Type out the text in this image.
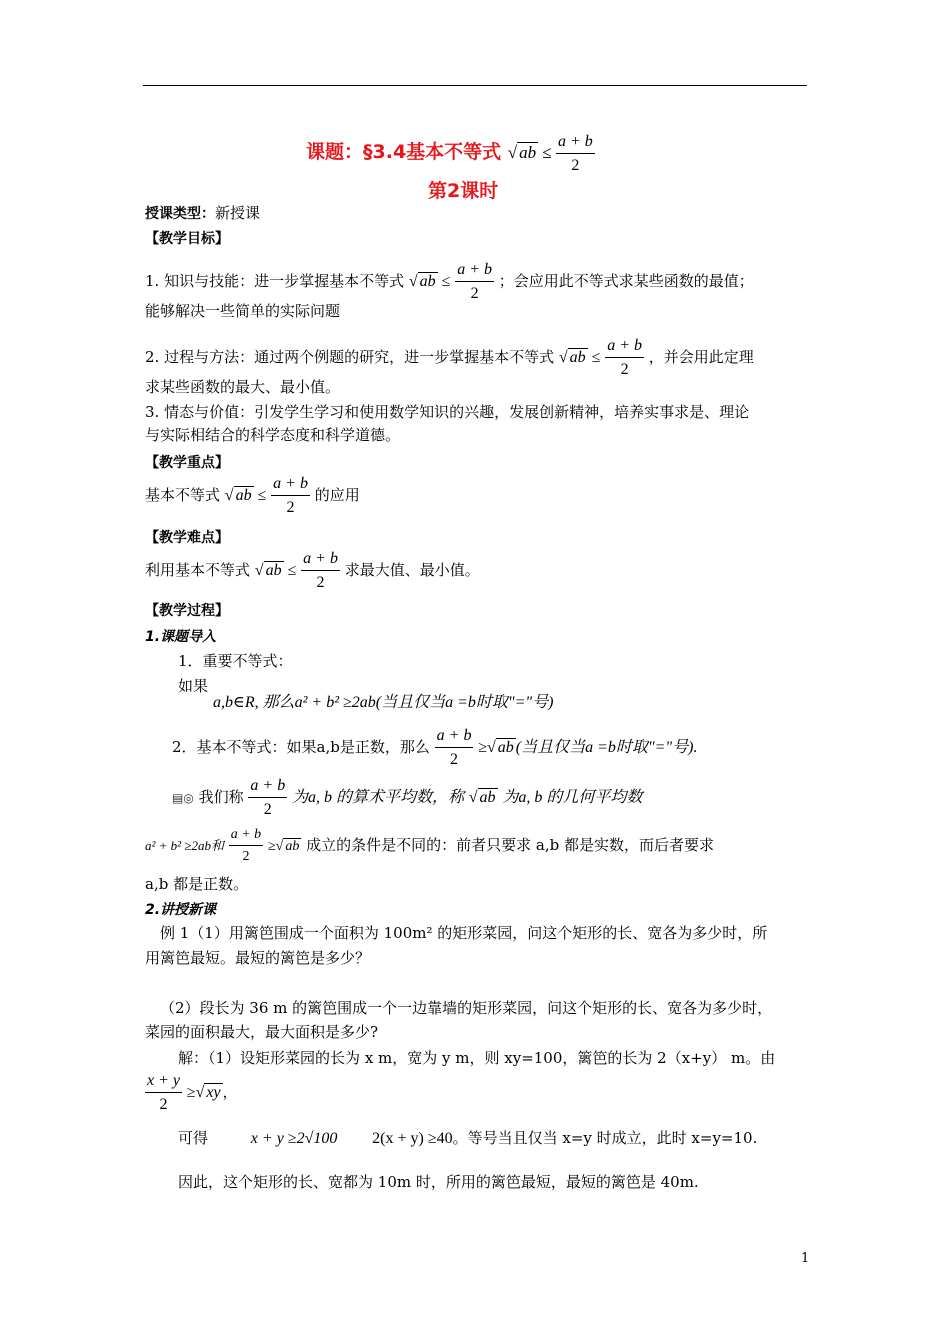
课题：§3.4基本不等式 √ ab ≤ $\frac{a + b}{2}$
第2课时
授课类型：新授课
【教学目标】
1. 知识与技能：进一步掌握基本不等式 √ ab ≤ $\frac{a + b}{2}$ ；会应用此不等式求某些函数的最值；
能够解决一些简单的实际问题
2. 过程与方法：通过两个例题的研究，进一步掌握基本不等式 √ ab ≤ $\frac{a + b}{2}$ ，并会用此定理
求某些函数的最大、最小值。
3. 情态与价值：引发学生学习和使用数学知识的兴趣，发展创新精神，培养实事求是、理论
与实际相结合的科学态度和科学道德。
【教学重点】
基本不等式 √ ab ≤ $\frac{a + b}{2}$ 的应用
【教学难点】
利用基本不等式 √ ab ≤ $\frac{a + b}{2}$ 求最大值、最小值。
【教学过程】
1.课题导入
1．重要不等式：
如果
a,b∈R, 那么a² + b² ≥2ab(当且仅当a =b时取"="号)
2．基本不等式：如果a,b是正数，那么 $\frac{a + b}{2}$ ≥√ ab (当且仅当a =b时取"="号).
▤◎ 我们称 $\frac{a + b}{2}$ 为a, b 的算术平均数，称 √ ab 为a, b 的几何平均数
a² + b² ≥2ab和 $\frac{a + b}{2}$ ≥√ ab 成立的条件是不同的：前者只要求 a,b 都是实数，而后者要求
a,b 都是正数。
2.讲授新课
例 1（1）用篱笆围成一个面积为 100m² 的矩形菜园，问这个矩形的长、宽各为多少时，所
用篱笆最短。最短的篱笆是多少？
（2）段长为 36 m 的篱笆围成一个一边靠墙的矩形菜园，问这个矩形的长、宽各为多少时，
菜园的面积最大，最大面积是多少?
解：（1）设矩形菜园的长为 x m，宽为 y m，则 xy=100，篱笆的长为 2（x+y） m。由
$\frac{x + y}{2}$ ≥√ xy ，
可得	x + y ≥2√100 2(x + y) ≥40。等号当且仅当 x=y 时成立，此时 x=y=10.
因此，这个矩形的长、宽都为 10m 时，所用的篱笆最短，最短的篱笆是 40m.
1
